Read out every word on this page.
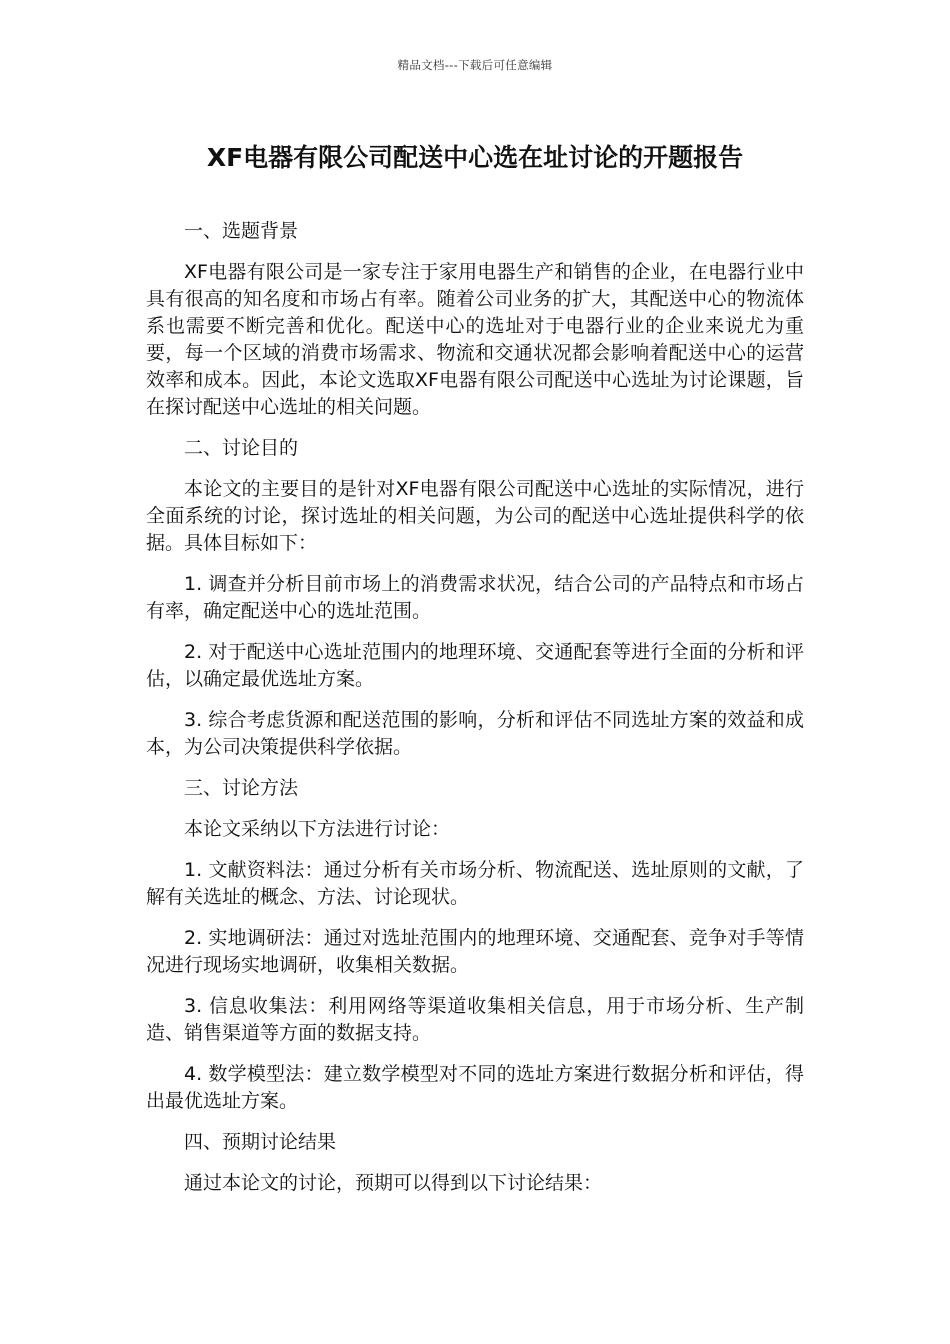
精品文档---下载后可任意编辑
XF电器有限公司配送中心选在址讨论的开题报告

一、选题背景

XF电器有限公司是一家专注于家用电器生产和销售的企业，在电器行业中具有很高的知名度和市场占有率。随着公司业务的扩大，其配送中心的物流体系也需要不断完善和优化。配送中心的选址对于电器行业的企业来说尤为重要，每一个区域的消费市场需求、物流和交通状况都会影响着配送中心的运营效率和成本。因此，本论文选取XF电器有限公司配送中心选址为讨论课题，旨在探讨配送中心选址的相关问题。

二、讨论目的

本论文的主要目的是针对XF电器有限公司配送中心选址的实际情况，进行全面系统的讨论，探讨选址的相关问题，为公司的配送中心选址提供科学的依据。具体目标如下：

1. 调查并分析目前市场上的消费需求状况，结合公司的产品特点和市场占有率，确定配送中心的选址范围。

2. 对于配送中心选址范围内的地理环境、交通配套等进行全面的分析和评估，以确定最优选址方案。

3. 综合考虑货源和配送范围的影响，分析和评估不同选址方案的效益和成本，为公司决策提供科学依据。

三、讨论方法

本论文采纳以下方法进行讨论：

1. 文献资料法：通过分析有关市场分析、物流配送、选址原则的文献，了解有关选址的概念、方法、讨论现状。

2. 实地调研法：通过对选址范围内的地理环境、交通配套、竞争对手等情况进行现场实地调研，收集相关数据。

3. 信息收集法：利用网络等渠道收集相关信息，用于市场分析、生产制造、销售渠道等方面的数据支持。

4. 数学模型法：建立数学模型对不同的选址方案进行数据分析和评估，得出最优选址方案。

四、预期讨论结果

通过本论文的讨论，预期可以得到以下讨论结果：
